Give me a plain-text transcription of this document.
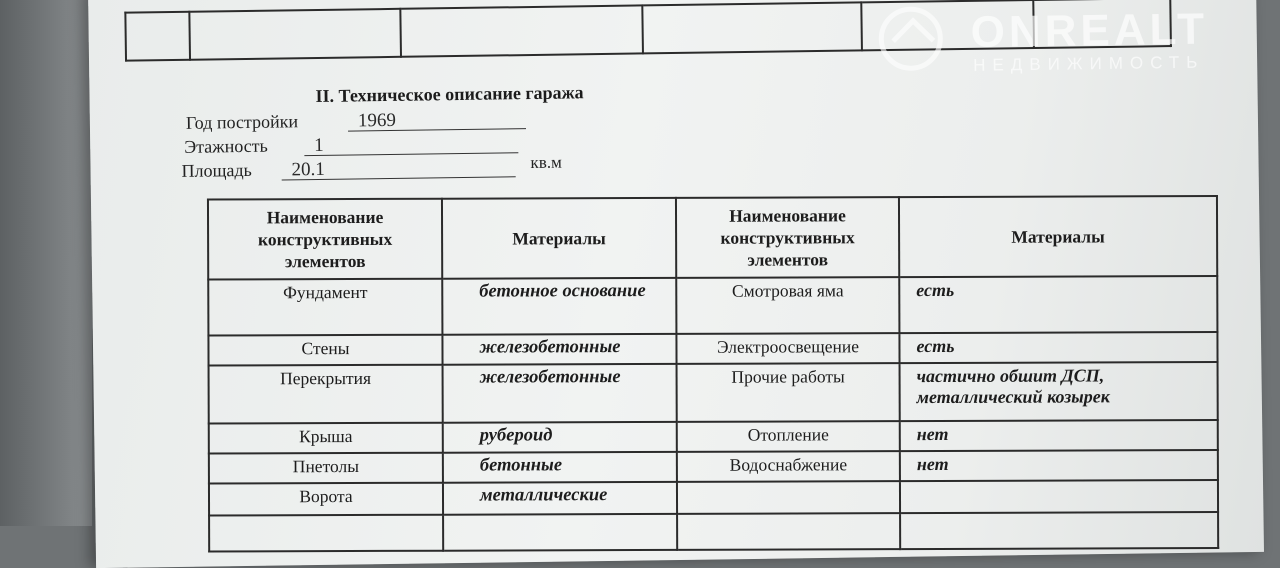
II. Техническое описание гаража
Год постройки	1969
Этажность	1
Площадь	20.1	кв.м
Наименование конструктивных элементов	Материалы	Наименование конструктивных элементов	Материалы
Фундамент	бетонное основание	Смотровая яма	есть
Стены	железобетонные	Электроосвещение	есть
Перекрытия	железобетонные	Прочие работы	частично обшит ДСП, металлический козырек
Крыша	рубероид	Отопление	нет
Пнетолы	бетонные	Водоснабжение	нет
Ворота	металлические		

ONREALT
НЕДВИЖИМОСТЬ
